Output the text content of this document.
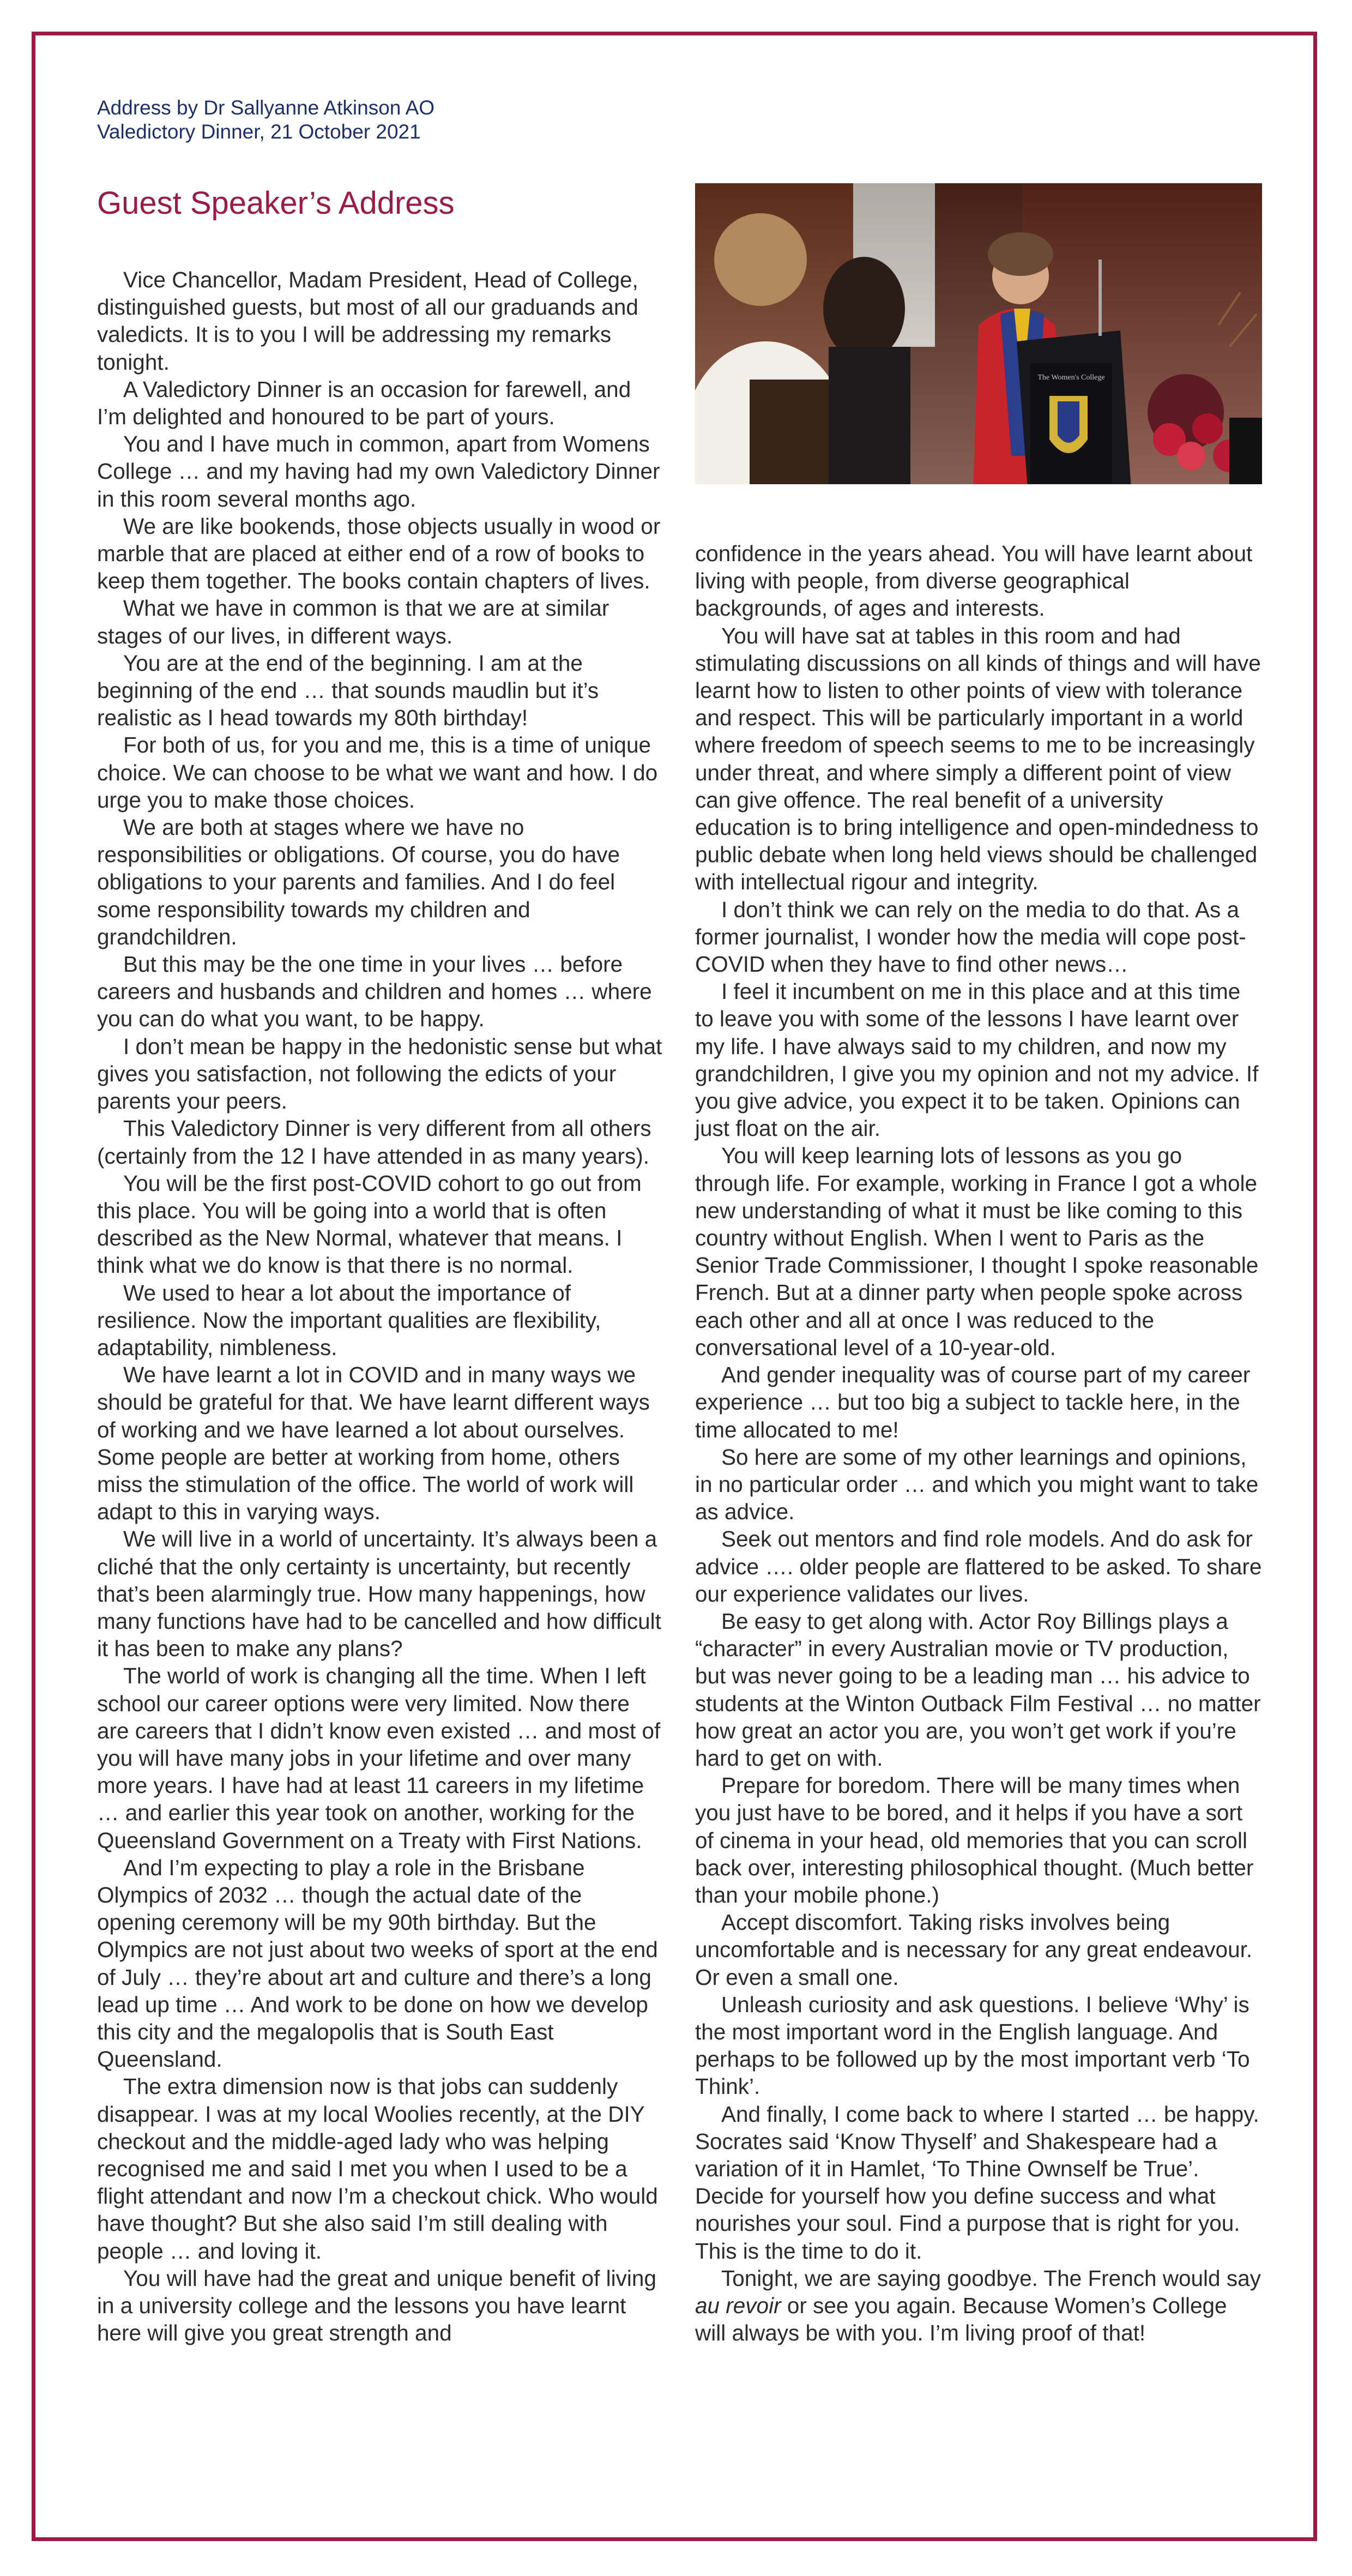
Address by Dr Sallyanne Atkinson AO
Valedictory Dinner, 21 October 2021
Guest Speaker’s Address
The Women's College

Vice Chancellor, Madam President, Head of College, distinguished guests, but most of all our graduands and valedicts. It is to you I will be addressing my remarks tonight.

A Valedictory Dinner is an occasion for farewell, and I’m delighted and honoured to be part of yours.

You and I have much in common, apart from Womens College … and my having had my own Valedictory Dinner in this room several months ago.

We are like bookends, those objects usually in wood or marble that are placed at either end of a row of books to keep them together. The books contain chapters of lives.

What we have in common is that we are at similar stages of our lives, in different ways.

You are at the end of the beginning. I am at the beginning of the end … that sounds maudlin but it’s realistic as I head towards my 80th birthday!

For both of us, for you and me, this is a time of unique choice. We can choose to be what we want and how. I do urge you to make those choices.

We are both at stages where we have no responsibilities or obligations. Of course, you do have obligations to your parents and families. And I do feel some responsibility towards my children and grandchildren.

But this may be the one time in your lives … before careers and husbands and children and homes … where you can do what you want, to be happy.

I don’t mean be happy in the hedonistic sense but what gives you satisfaction, not following the edicts of your parents your peers.

This Valedictory Dinner is very different from all others (certainly from the 12 I have attended in as many years).

You will be the first post-COVID cohort to go out from this place. You will be going into a world that is often described as the New Normal, whatever that means. I think what we do know is that there is no normal.

We used to hear a lot about the importance of resilience. Now the important qualities are flexibility, adaptability, nimbleness.

We have learnt a lot in COVID and in many ways we should be grateful for that. We have learnt different ways of working and we have learned a lot about ourselves. Some people are better at working from home, others miss the stimulation of the office. The world of work will adapt to this in varying ways.

We will live in a world of uncertainty. It’s always been a cliché that the only certainty is uncertainty, but recently that’s been alarmingly true. How many happenings, how many functions have had to be cancelled and how difficult it has been to make any plans?

The world of work is changing all the time. When I left school our career options were very limited. Now there are careers that I didn’t know even existed … and most of you will have many jobs in your lifetime and over many more years. I have had at least 11 careers in my lifetime … and earlier this year took on another, working for the Queensland Government on a Treaty with First Nations.

And I’m expecting to play a role in the Brisbane Olympics of 2032 … though the actual date of the opening ceremony will be my 90th birthday. But the Olympics are not just about two weeks of sport at the end of July … they’re about art and culture and there’s a long lead up time … And work to be done on how we develop this city and the megalopolis that is South East Queensland.

The extra dimension now is that jobs can suddenly disappear. I was at my local Woolies recently, at the DIY checkout and the middle-aged lady who was helping recognised me and said I met you when I used to be a flight attendant and now I’m a checkout chick. Who would have thought? But she also said I’m still dealing with people … and loving it.

You will have had the great and unique benefit of living in a university college and the lessons you have learnt here will give you great strength and

confidence in the years ahead. You will have learnt about living with people, from diverse geographical backgrounds, of ages and interests.

You will have sat at tables in this room and had stimulating discussions on all kinds of things and will have learnt how to listen to other points of view with tolerance and respect. This will be particularly important in a world where freedom of speech seems to me to be increasingly under threat, and where simply a different point of view can give offence. The real benefit of a university education is to bring intelligence and open-mindedness to public debate when long held views should be challenged with intellectual rigour and integrity.

I don’t think we can rely on the media to do that. As a former journalist, I wonder how the media will cope post-COVID when they have to find other news…

I feel it incumbent on me in this place and at this time to leave you with some of the lessons I have learnt over my life. I have always said to my children, and now my grandchildren, I give you my opinion and not my advice. If you give advice, you expect it to be taken. Opinions can just float on the air.

You will keep learning lots of lessons as you go through life. For example, working in France I got a whole new understanding of what it must be like coming to this country without English. When I went to Paris as the Senior Trade Commissioner, I thought I spoke reasonable French. But at a dinner party when people spoke across each other and all at once I was reduced to the conversational level of a 10-year-old.

And gender inequality was of course part of my career experience … but too big a subject to tackle here, in the time allocated to me!

So here are some of my other learnings and opinions, in no particular order … and which you might want to take as advice.

Seek out mentors and find role models. And do ask for advice …. older people are flattered to be asked. To share our experience validates our lives.

Be easy to get along with. Actor Roy Billings plays a “character” in every Australian movie or TV production, but was never going to be a leading man … his advice to students at the Winton Outback Film Festival … no matter how great an actor you are, you won’t get work if you’re hard to get on with.

Prepare for boredom. There will be many times when you just have to be bored, and it helps if you have a sort of cinema in your head, old memories that you can scroll back over, interesting philosophical thought. (Much better than your mobile phone.)

Accept discomfort. Taking risks involves being uncomfortable and is necessary for any great endeavour. Or even a small one.

Unleash curiosity and ask questions. I believe ‘Why’ is the most important word in the English language. And perhaps to be followed up by the most important verb ‘To Think’.

And finally, I come back to where I started … be happy. Socrates said ‘Know Thyself’ and Shakespeare had a variation of it in Hamlet, ‘To Thine Ownself be True’. Decide for yourself how you define success and what nourishes your soul. Find a purpose that is right for you. This is the time to do it.

Tonight, we are saying goodbye. The French would say au revoir or see you again. Because Women’s College will always be with you. I’m living proof of that!
